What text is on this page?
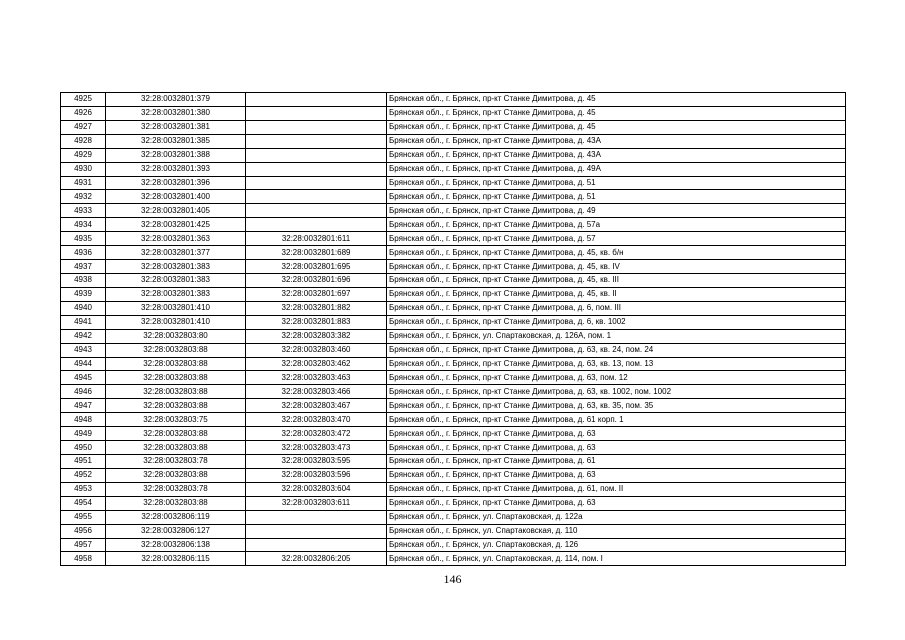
4925	32:28:0032801:379		Брянская обл., г. Брянск, пр-кт Станке Димитрова, д. 45
4926	32:28:0032801:380		Брянская обл., г. Брянск, пр-кт Станке Димитрова, д. 45
4927	32:28:0032801:381		Брянская обл., г. Брянск, пр-кт Станке Димитрова, д. 45
4928	32:28:0032801:385		Брянская обл., г. Брянск, пр-кт Станке Димитрова, д. 43А
4929	32:28:0032801:388		Брянская обл., г. Брянск, пр-кт Станке Димитрова, д. 43А
4930	32:28:0032801:393		Брянская обл., г. Брянск, пр-кт Станке Димитрова, д. 49А
4931	32:28:0032801:396		Брянская обл., г. Брянск, пр-кт Станке Димитрова, д. 51
4932	32:28:0032801:400		Брянская обл., г. Брянск, пр-кт Станке Димитрова, д. 51
4933	32:28:0032801:405		Брянская обл., г. Брянск, пр-кт Станке Димитрова, д. 49
4934	32:28:0032801:425		Брянская обл., г. Брянск, пр-кт Станке Димитрова, д. 57а
4935	32:28:0032801:363	32:28:0032801:611	Брянская обл., г. Брянск, пр-кт Станке Димитрова, д. 57
4936	32:28:0032801:377	32:28:0032801:689	Брянская обл., г. Брянск, пр-кт Станке Димитрова, д. 45, кв. б/н
4937	32:28:0032801:383	32:28:0032801:695	Брянская обл., г. Брянск, пр-кт Станке Димитрова, д. 45, кв. IV
4938	32:28:0032801:383	32:28:0032801:696	Брянская обл., г. Брянск, пр-кт Станке Димитрова, д. 45, кв. III
4939	32:28:0032801:383	32:28:0032801:697	Брянская обл., г. Брянск, пр-кт Станке Димитрова, д. 45, кв. II
4940	32:28:0032801:410	32:28:0032801:882	Брянская обл., г. Брянск, пр-кт Станке Димитрова, д. 6, пом. III
4941	32:28:0032801:410	32:28:0032801:883	Брянская обл., г. Брянск, пр-кт Станке Димитрова, д. 6, кв. 1002
4942	32:28:0032803:80	32:28:0032803:382	Брянская обл., г. Брянск, ул. Спартаковская, д. 126А, пом. 1
4943	32:28:0032803:88	32:28:0032803:460	Брянская обл., г. Брянск, пр-кт Станке Димитрова, д. 63, кв. 24, пом. 24
4944	32:28:0032803:88	32:28:0032803:462	Брянская обл., г. Брянск, пр-кт Станке Димитрова, д. 63, кв. 13, пом. 13
4945	32:28:0032803:88	32:28:0032803:463	Брянская обл., г. Брянск, пр-кт Станке Димитрова, д. 63, пом. 12
4946	32:28:0032803:88	32:28:0032803:466	Брянская обл., г. Брянск, пр-кт Станке Димитрова, д. 63, кв. 1002, пом. 1002
4947	32:28:0032803:88	32:28:0032803:467	Брянская обл., г. Брянск, пр-кт Станке Димитрова, д. 63, кв. 35, пом. 35
4948	32:28:0032803:75	32:28:0032803:470	Брянская обл., г. Брянск, пр-кт Станке Димитрова, д. 61 корп. 1
4949	32:28:0032803:88	32:28:0032803:472	Брянская обл., г. Брянск, пр-кт Станке Димитрова, д. 63
4950	32:28:0032803:88	32:28:0032803:473	Брянская обл., г. Брянск, пр-кт Станке Димитрова, д. 63
4951	32:28:0032803:78	32:28:0032803:595	Брянская обл., г. Брянск, пр-кт Станке Димитрова, д. 61
4952	32:28:0032803:88	32:28:0032803:596	Брянская обл., г. Брянск, пр-кт Станке Димитрова, д. 63
4953	32:28:0032803:78	32:28:0032803:604	Брянская обл., г. Брянск, пр-кт Станке Димитрова, д. 61, пом. II
4954	32:28:0032803:88	32:28:0032803:611	Брянская обл., г. Брянск, пр-кт Станке Димитрова, д. 63
4955	32:28:0032806:119		Брянская обл., г. Брянск, ул. Спартаковская, д. 122а
4956	32:28:0032806:127		Брянская обл., г. Брянск, ул. Спартаковская, д. 110
4957	32:28:0032806:138		Брянская обл., г. Брянск, ул. Спартаковская, д. 126
4958	32:28:0032806:115	32:28:0032806:205	Брянская обл., г. Брянск, ул. Спартаковская, д. 114, пом. I
146
